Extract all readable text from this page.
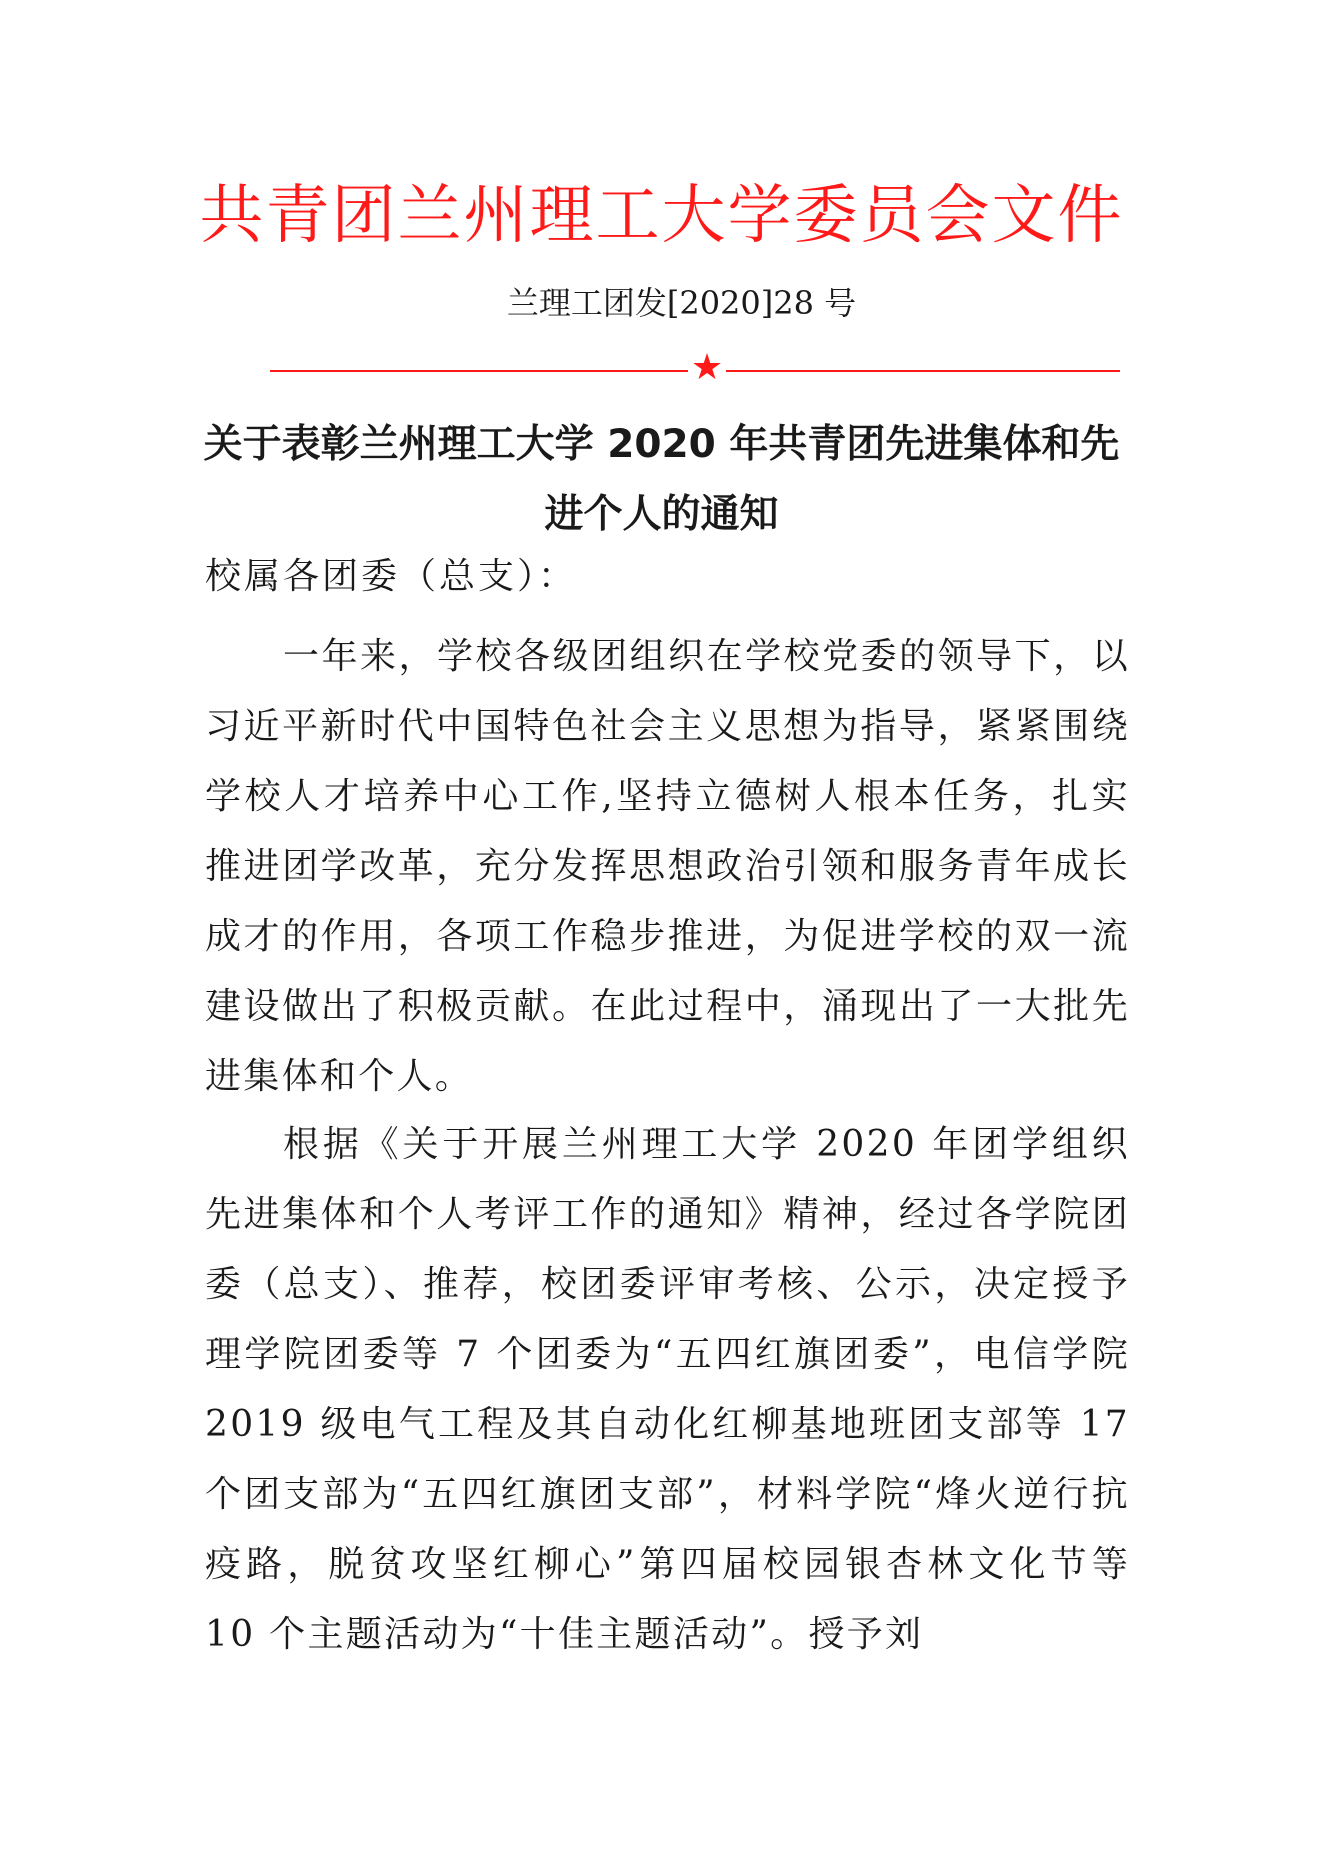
共青团兰州理工大学委员会文件
兰理工团发[2020]28 号
★
关于表彰兰州理工大学 2020 年共青团先进集体和先
进个人的通知
校属各团委（总支）：

一年来，学校各级团组织在学校党委的领导下，以习近平新时代中国特色社会主义思想为指导，紧紧围绕学校人才培养中心工作,坚持立德树人根本任务，扎实推进团学改革，充分发挥思想政治引领和服务青年成长成才的作用，各项工作稳步推进，为促进学校的双一流建设做出了积极贡献。在此过程中，涌现出了一大批先进集体和个人。

根据《关于开展兰州理工大学 2020 年团学组织先进集体和个人考评工作的通知》精神，经过各学院团委（总支）、推荐，校团委评审考核、公示，决定授予理学院团委等 7 个团委为“五四红旗团委”，电信学院 2019 级电气工程及其自动化红柳基地班团支部等 17 个团支部为“五四红旗团支部”，材料学院“烽火逆行抗疫路，脱贫攻坚红柳心”第四届校园银杏林文化节等 10 个主题活动为“十佳主题活动”。授予刘
